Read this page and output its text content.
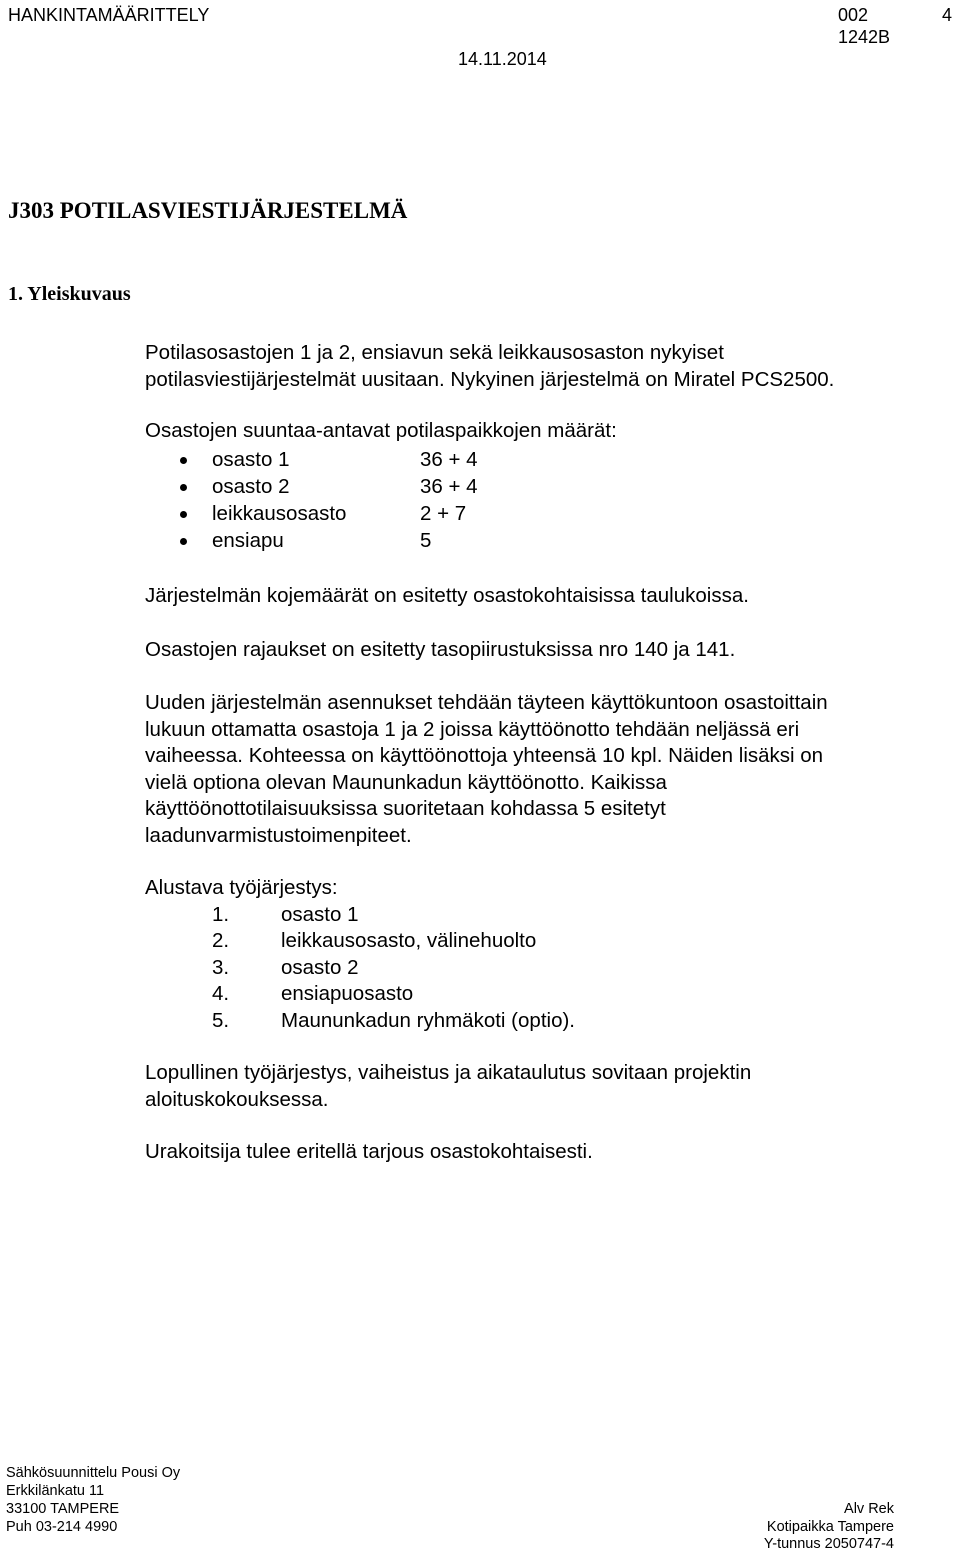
HANKINTAMÄÄRITTELY	002
1242B
4
14.11.2014
J303 POTILASVIESTIJÄRJESTELMÄ
1. Yleiskuvaus
Potilasosastojen 1 ja 2, ensiavun sekä leikkausosaston nykyiset
potilasviestijärjestelmät uusitaan. Nykyinen järjestelmä on Miratel PCS2500.
Osastojen suuntaa-antavat potilaspaikkojen määrät:
osasto 1	36 + 4
osasto 2	36 + 4
leikkausosasto	2 + 7
ensiapu	5
Järjestelmän kojemäärät on esitetty osastokohtaisissa taulukoissa.
Osastojen rajaukset on esitetty tasopiirustuksissa nro 140 ja 141.
Uuden järjestelmän asennukset tehdään täyteen käyttökuntoon osastoittain
lukuun ottamatta osastoja 1 ja 2 joissa käyttöönotto tehdään neljässä eri
vaiheessa. Kohteessa on käyttöönottoja yhteensä 10 kpl. Näiden lisäksi on
vielä optiona olevan Maununkadun käyttöönotto. Kaikissa
käyttöönottotilaisuuksissa suoritetaan kohdassa 5 esitetyt
laadunvarmistustoimenpiteet.
Alustava työjärjestys:
1.	osasto 1
2.	leikkausosasto, välinehuolto
3.	osasto 2
4.	ensiapuosasto
5.	Maununkadun ryhmäkoti (optio).
Lopullinen työjärjestys, vaiheistus ja aikataulutus sovitaan projektin
aloituskokouksessa.
Urakoitsija tulee eritellä tarjous osastokohtaisesti.
Sähkösuunnittelu Pousi Oy
Erkkilänkatu 11
33100 TAMPERE
Puh 03-214 4990
Alv Rek
Kotipaikka Tampere
Y-tunnus 2050747-4
